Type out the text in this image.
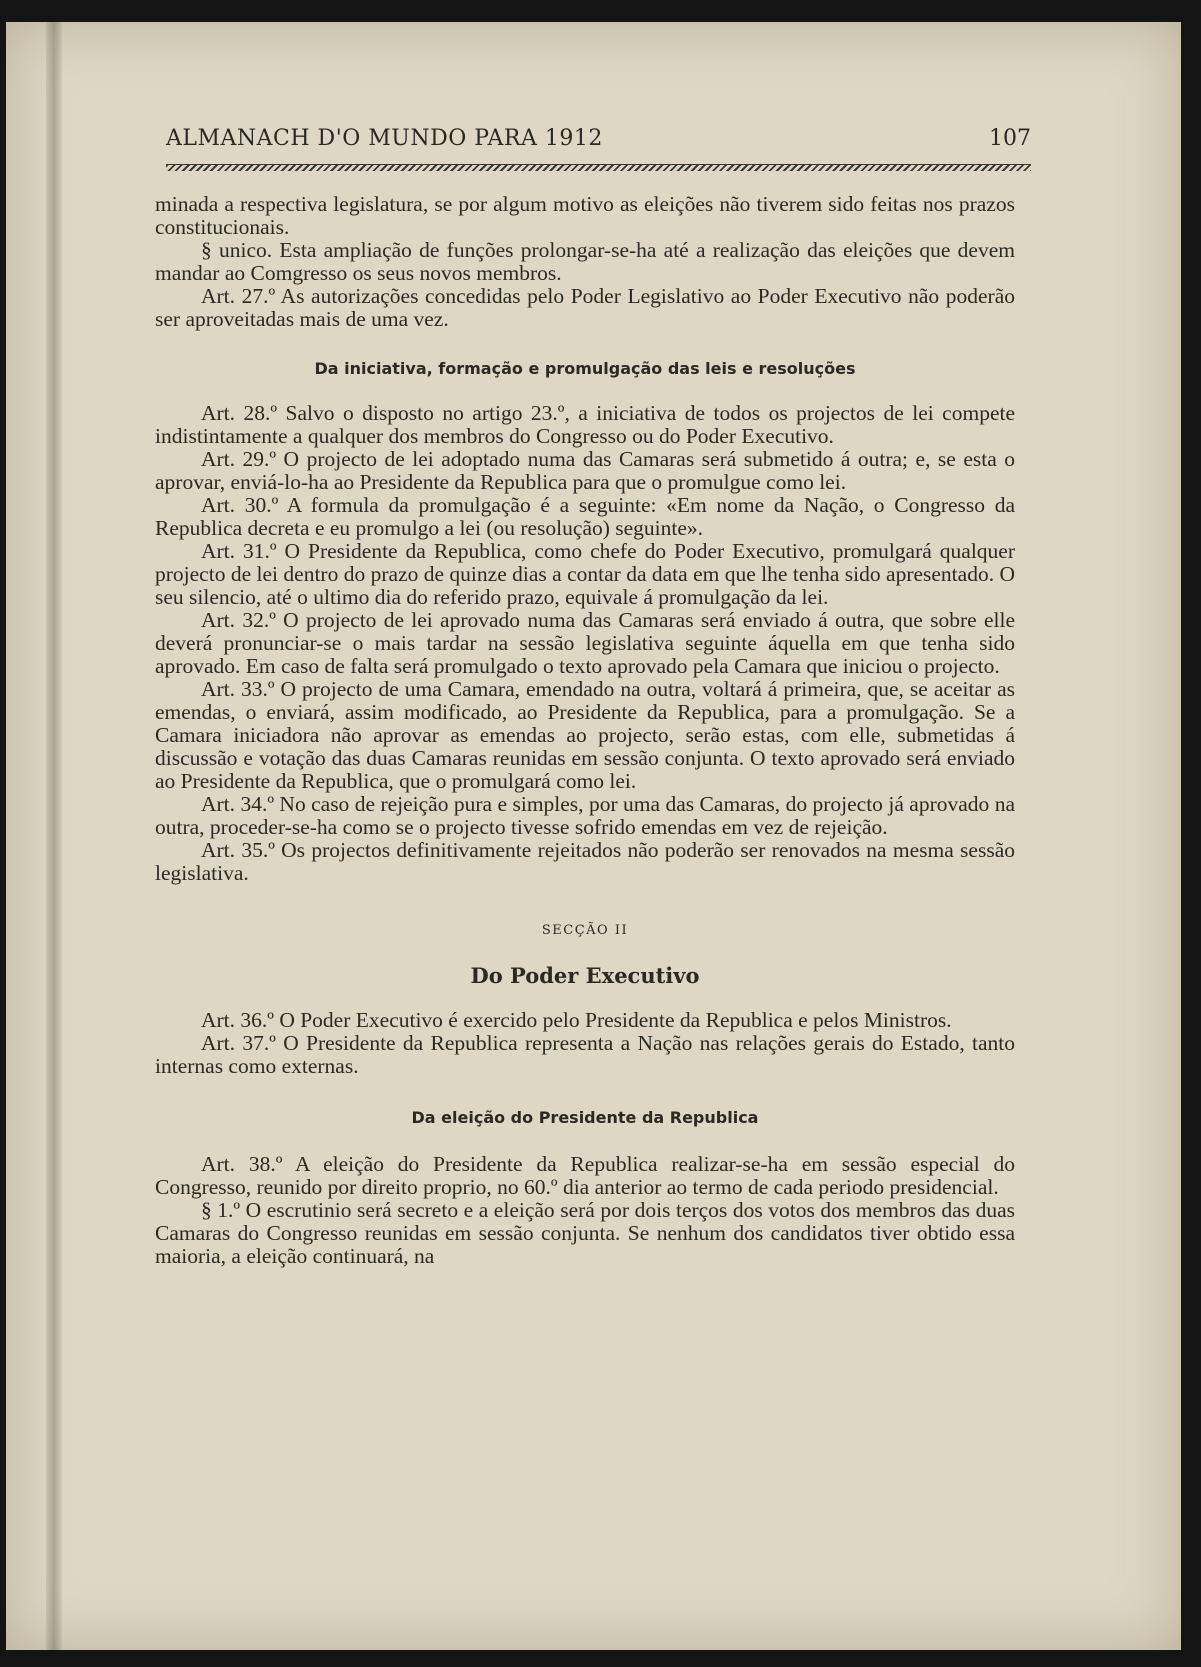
ALMANACH D'O MUNDO PARA 1912	107

minada a respectiva legislatura, se por algum motivo as eleições não tiverem sido feitas nos prazos constitucionais.

§ unico. Esta ampliação de funções prolongar-se-ha até a realização das eleições que devem mandar ao Comgresso os seus novos membros.

Art. 27.º As autorizações concedidas pelo Poder Legislativo ao Poder Executivo não poderão ser aproveitadas mais de uma vez.

Da iniciativa, formação e promulgação das leis e resoluções

Art. 28.º Salvo o disposto no artigo 23.º, a iniciativa de todos os projectos de lei compete indistintamente a qualquer dos membros do Congresso ou do Poder Executivo.

Art. 29.º O projecto de lei adoptado numa das Camaras será submetido á outra; e, se esta o aprovar, enviá-lo-ha ao Presidente da Republica para que o promulgue como lei.

Art. 30.º A formula da promulgação é a seguinte: «Em nome da Nação, o Congresso da Republica decreta e eu promulgo a lei (ou resolução) seguinte».

Art. 31.º O Presidente da Republica, como chefe do Poder Executivo, promulgará qualquer projecto de lei dentro do prazo de quinze dias a contar da data em que lhe tenha sido apresentado. O seu silencio, até o ultimo dia do referido prazo, equivale á promulgação da lei.

Art. 32.º O projecto de lei aprovado numa das Camaras será enviado á outra, que sobre elle deverá pronunciar-se o mais tardar na sessão legislativa seguinte áquella em que tenha sido aprovado. Em caso de falta será promulgado o texto aprovado pela Camara que iniciou o projecto.

Art. 33.º O projecto de uma Camara, emendado na outra, voltará á primeira, que, se aceitar as emendas, o enviará, assim modificado, ao Presidente da Republica, para a promulgação. Se a Camara iniciadora não aprovar as emendas ao projecto, serão estas, com elle, submetidas á discussão e votação das duas Camaras reunidas em sessão conjunta. O texto aprovado será enviado ao Presidente da Republica, que o promulgará como lei.

Art. 34.º No caso de rejeição pura e simples, por uma das Camaras, do projecto já aprovado na outra, proceder-se-ha como se o projecto tivesse sofrido emendas em vez de rejeição.

Art. 35.º Os projectos definitivamente rejeitados não poderão ser renovados na mesma sessão legislativa.

SECÇÃO II
Do Poder Executivo

Art. 36.º O Poder Executivo é exercido pelo Presidente da Republica e pelos Ministros.

Art. 37.º O Presidente da Republica representa a Nação nas relações gerais do Estado, tanto internas como externas.

Da eleição do Presidente da Republica

Art. 38.º A eleição do Presidente da Republica realizar-se-ha em sessão especial do Congresso, reunido por direito proprio, no 60.º dia anterior ao termo de cada periodo presidencial.

§ 1.º O escrutinio será secreto e a eleição será por dois terços dos votos dos membros das duas Camaras do Congresso reunidas em sessão conjunta. Se nenhum dos candidatos tiver obtido essa maioria, a eleição continuará, na
